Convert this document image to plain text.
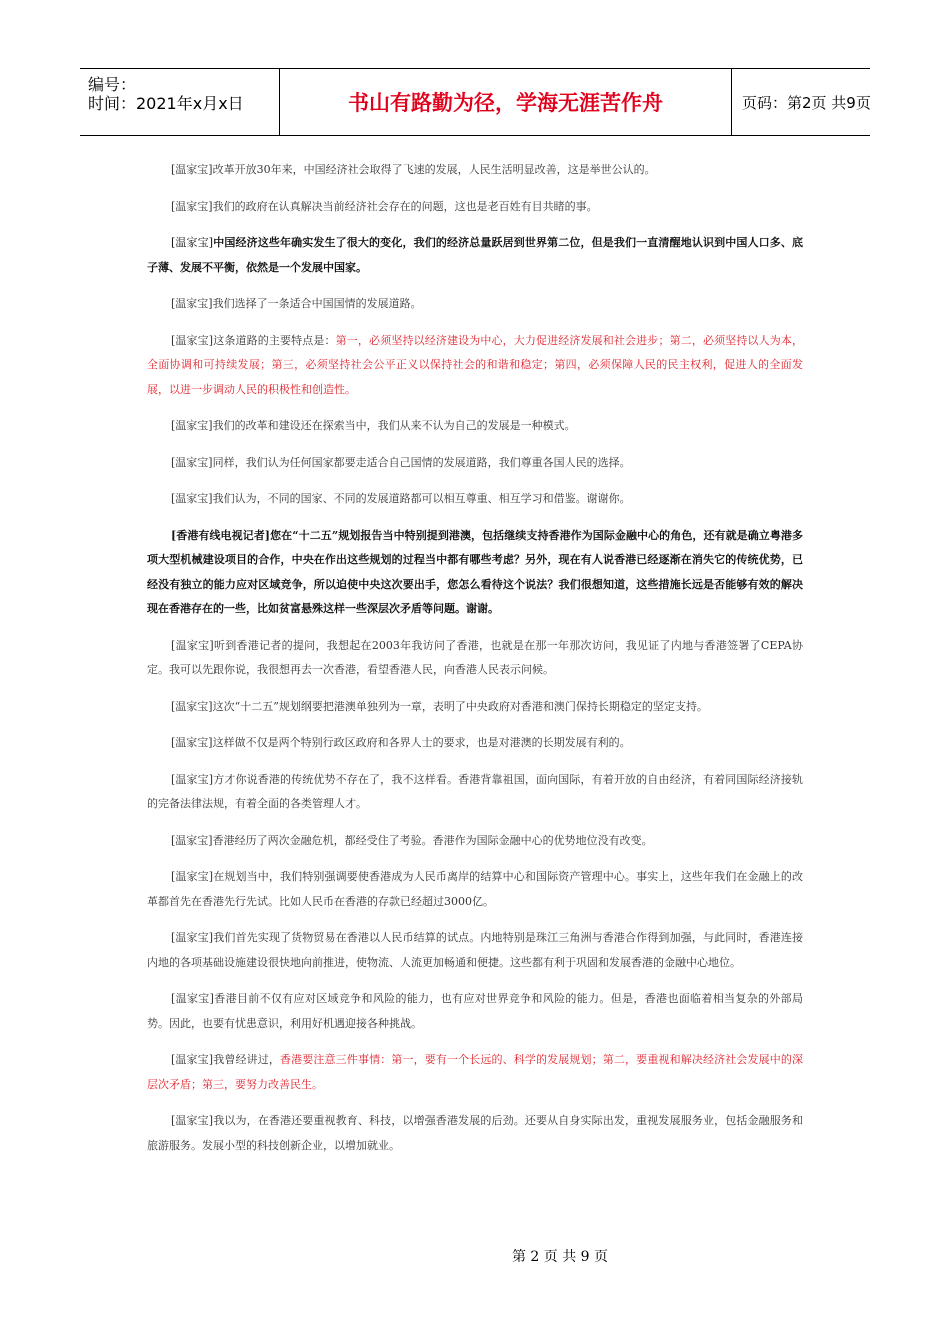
编号：
时间：2021年x月x日	书山有路勤为径，学海无涯苦作舟	页码：第2页 共9页

[温家宝]改革开放30年来，中国经济社会取得了飞速的发展，人民生活明显改善，这是举世公认的。

[温家宝]我们的政府在认真解决当前经济社会存在的问题，这也是老百姓有目共睹的事。

[温家宝]中国经济这些年确实发生了很大的变化，我们的经济总量跃居到世界第二位，但是我们一直清醒地认识到中国人口多、底子薄、发展不平衡，依然是一个发展中国家。

[温家宝]我们选择了一条适合中国国情的发展道路。

[温家宝]这条道路的主要特点是：第一，必须坚持以经济建设为中心，大力促进经济发展和社会进步；第二，必须坚持以人为本，全面协调和可持续发展；第三，必须坚持社会公平正义以保持社会的和谐和稳定；第四，必须保障人民的民主权利，促进人的全面发展，以进一步调动人民的积极性和创造性。

[温家宝]我们的改革和建设还在探索当中，我们从来不认为自己的发展是一种模式。

[温家宝]同样，我们认为任何国家都要走适合自己国情的发展道路，我们尊重各国人民的选择。

[温家宝]我们认为，不同的国家、不同的发展道路都可以相互尊重、相互学习和借鉴。谢谢你。

[香港有线电视记者]您在“十二五”规划报告当中特别提到港澳，包括继续支持香港作为国际金融中心的角色，还有就是确立粤港多项大型机械建设项目的合作，中央在作出这些规划的过程当中都有哪些考虑？另外，现在有人说香港已经逐渐在消失它的传统优势，已经没有独立的能力应对区域竞争，所以迫使中央这次要出手，您怎么看待这个说法？我们很想知道，这些措施长远是否能够有效的解决现在香港存在的一些，比如贫富悬殊这样一些深层次矛盾等问题。谢谢。

[温家宝]听到香港记者的提问，我想起在2003年我访问了香港，也就是在那一年那次访问，我见证了内地与香港签署了CEPA协定。我可以先跟你说，我很想再去一次香港，看望香港人民，向香港人民表示问候。

[温家宝]这次“十二五”规划纲要把港澳单独列为一章，表明了中央政府对香港和澳门保持长期稳定的坚定支持。

[温家宝]这样做不仅是两个特别行政区政府和各界人士的要求，也是对港澳的长期发展有利的。

[温家宝]方才你说香港的传统优势不存在了，我不这样看。香港背靠祖国，面向国际，有着开放的自由经济，有着同国际经济接轨的完备法律法规，有着全面的各类管理人才。

[温家宝]香港经历了两次金融危机，都经受住了考验。香港作为国际金融中心的优势地位没有改变。

[温家宝]在规划当中，我们特别强调要使香港成为人民币离岸的结算中心和国际资产管理中心。事实上，这些年我们在金融上的改革都首先在香港先行先试。比如人民币在香港的存款已经超过3000亿。

[温家宝]我们首先实现了货物贸易在香港以人民币结算的试点。内地特别是珠江三角洲与香港合作得到加强，与此同时，香港连接内地的各项基础设施建设很快地向前推进，使物流、人流更加畅通和便捷。这些都有利于巩固和发展香港的金融中心地位。

[温家宝]香港目前不仅有应对区域竞争和风险的能力，也有应对世界竞争和风险的能力。但是，香港也面临着相当复杂的外部局势。因此，也要有忧患意识，利用好机遇迎接各种挑战。

[温家宝]我曾经讲过，香港要注意三件事情：第一，要有一个长远的、科学的发展规划；第二，要重视和解决经济社会发展中的深层次矛盾；第三，要努力改善民生。

[温家宝]我以为，在香港还要重视教育、科技，以增强香港发展的后劲。还要从自身实际出发，重视发展服务业，包括金融服务和旅游服务。发展小型的科技创新企业，以增加就业。

第 2 页 共 9 页
